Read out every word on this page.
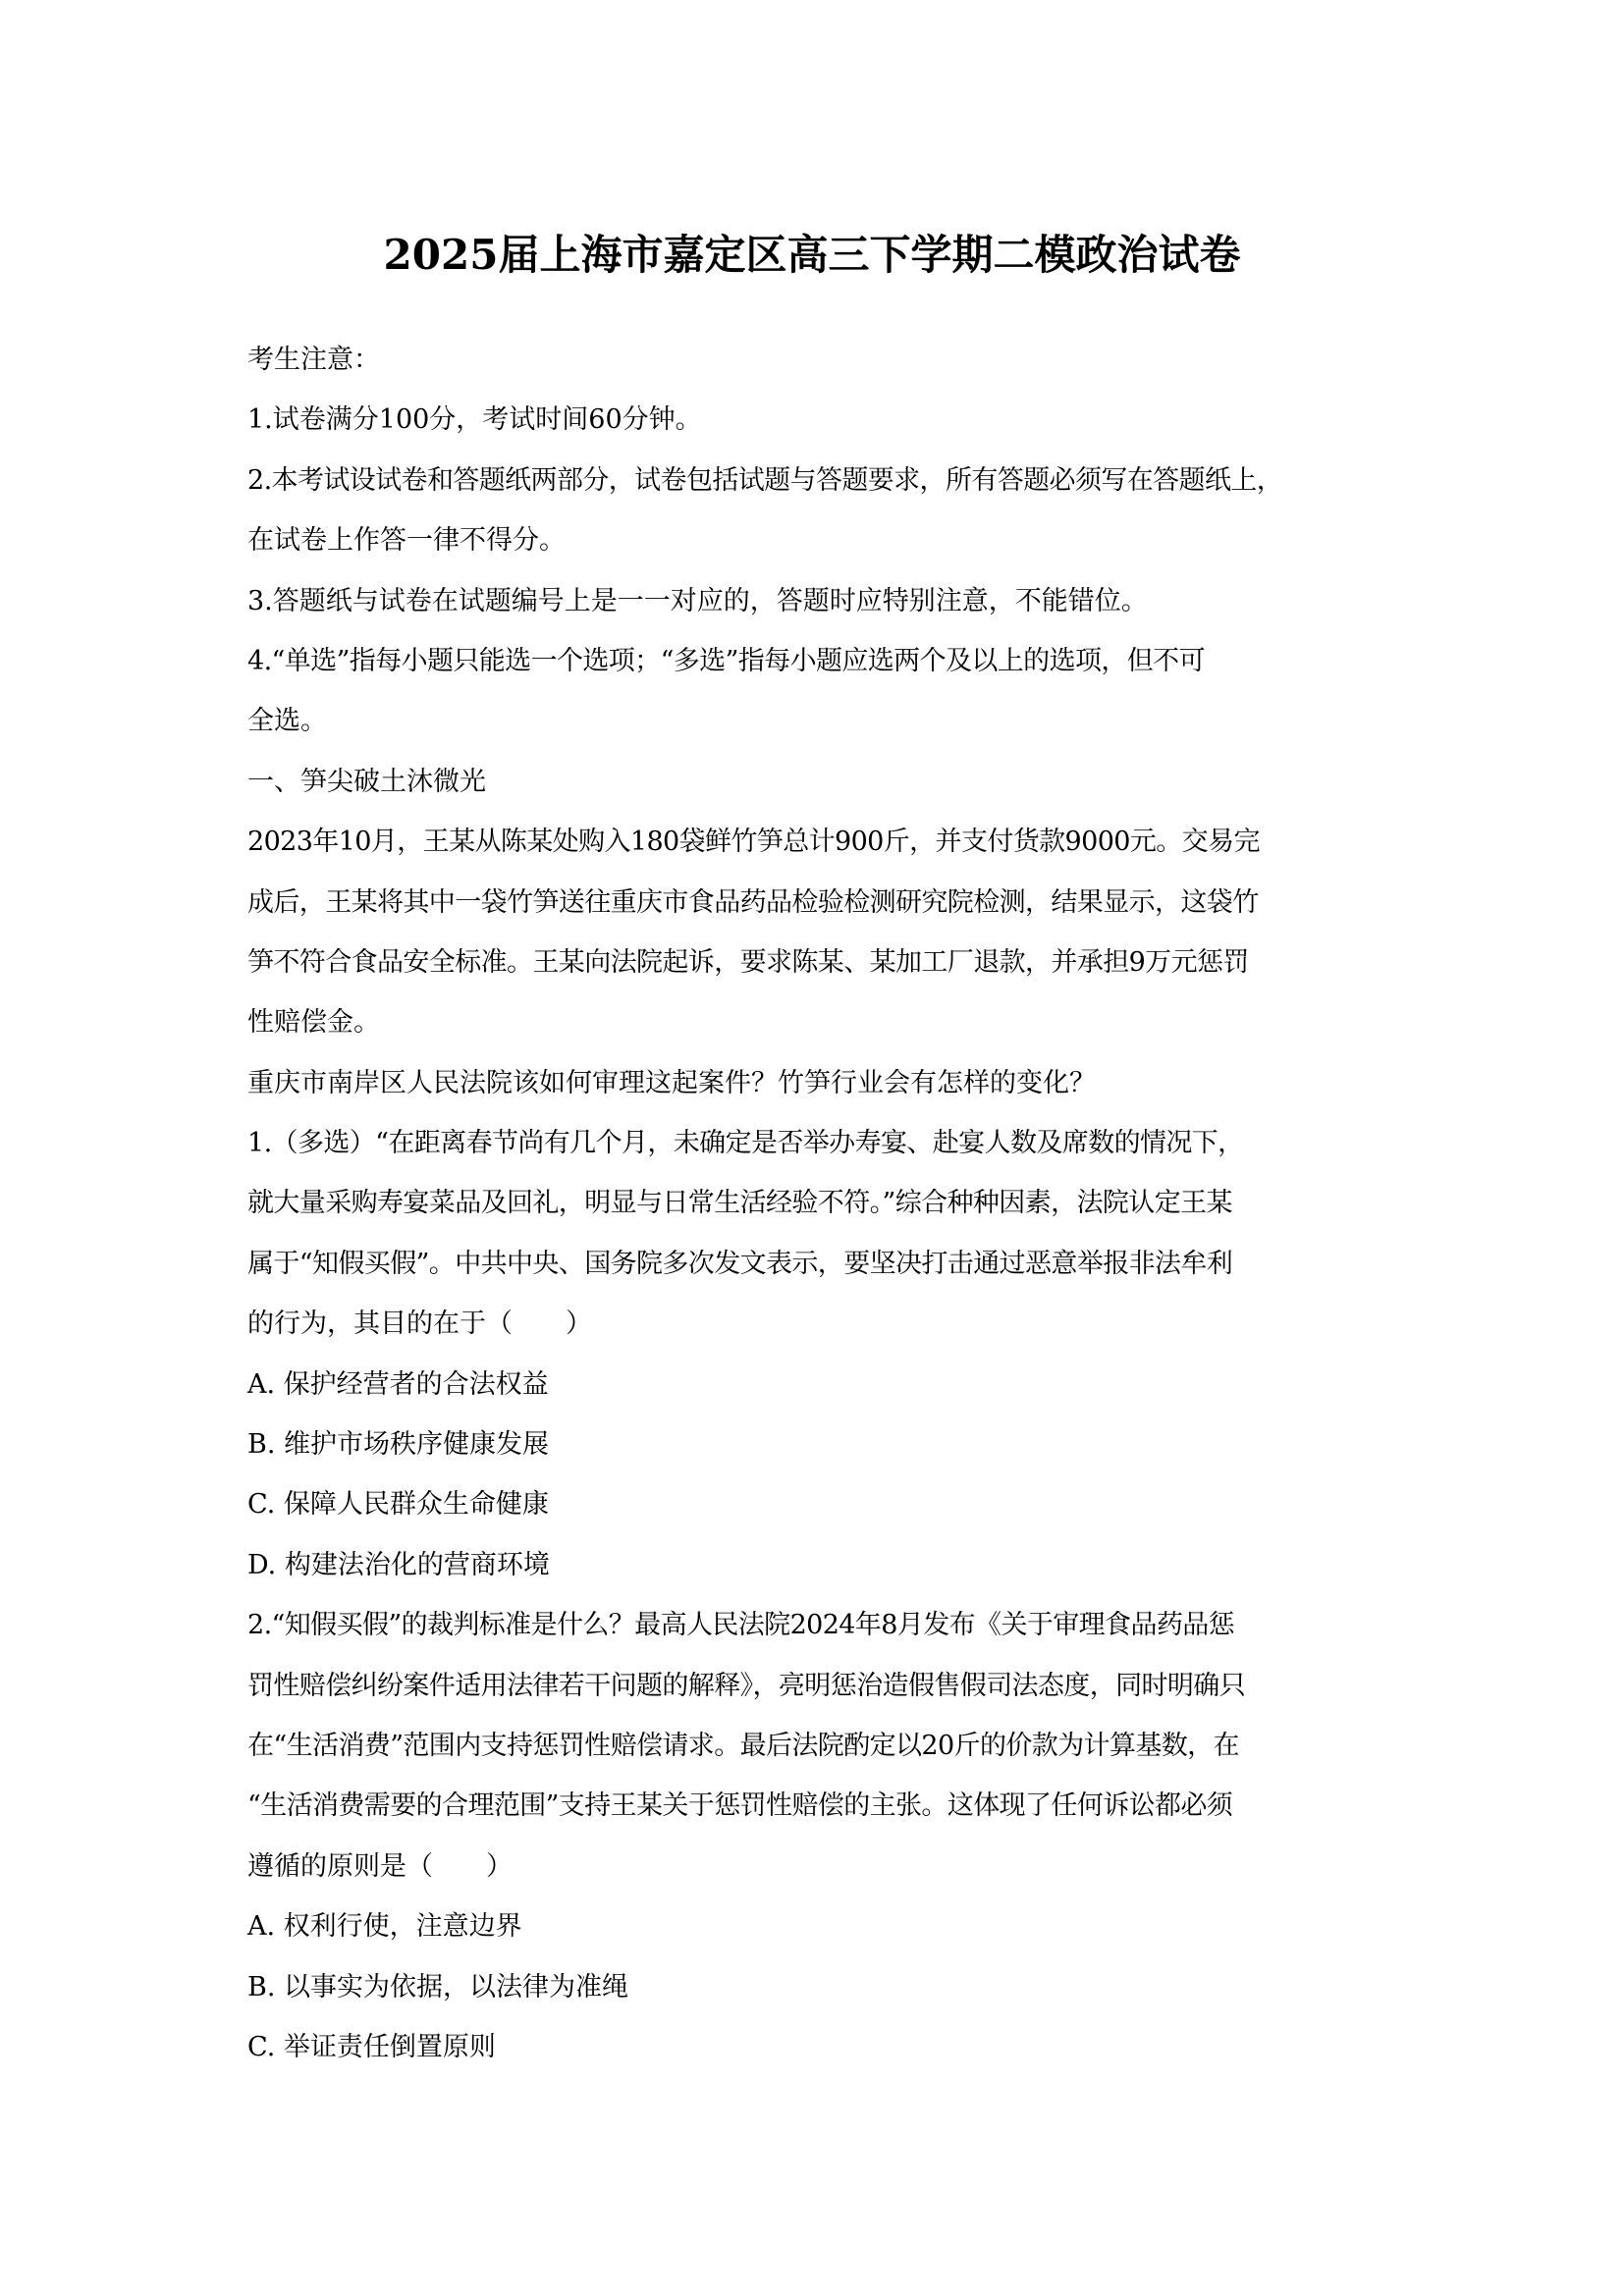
2025届上海市嘉定区高三下学期二模政治试卷

考生注意：

1.试卷满分100分，考试时间60分钟。

2.本考试设试卷和答题纸两部分，试卷包括试题与答题要求，所有答题必须写在答题纸上，

在试卷上作答一律不得分。

3.答题纸与试卷在试题编号上是一一对应的，答题时应特别注意，不能错位。

4.“单选”指每小题只能选一个选项；“多选”指每小题应选两个及以上的选项，但不可

全选。

一、笋尖破土沐微光

2023年10月，王某从陈某处购入180袋鲜竹笋总计900斤，并支付货款9000元。交易完

成后，王某将其中一袋竹笋送往重庆市食品药品检验检测研究院检测，结果显示，这袋竹

笋不符合食品安全标准。王某向法院起诉，要求陈某、某加工厂退款，并承担9万元惩罚

性赔偿金。

重庆市南岸区人民法院该如何审理这起案件？竹笋行业会有怎样的变化？

1.（多选）“在距离春节尚有几个月，未确定是否举办寿宴、赴宴人数及席数的情况下，

就大量采购寿宴菜品及回礼，明显与日常生活经验不符。”综合种种因素，法院认定王某

属于“知假买假”。中共中央、国务院多次发文表示，要坚决打击通过恶意举报非法牟利

的行为，其目的在于（　　）

A. 保护经营者的合法权益

B. 维护市场秩序健康发展

C. 保障人民群众生命健康

D. 构建法治化的营商环境

2.“知假买假”的裁判标准是什么？最高人民法院2024年8月发布《关于审理食品药品惩

罚性赔偿纠纷案件适用法律若干问题的解释》，亮明惩治造假售假司法态度，同时明确只

在“生活消费”范围内支持惩罚性赔偿请求。最后法院酌定以20斤的价款为计算基数，在

“生活消费需要的合理范围”支持王某关于惩罚性赔偿的主张。这体现了任何诉讼都必须

遵循的原则是（　　）

A. 权利行使，注意边界

B. 以事实为依据，以法律为准绳

C. 举证责任倒置原则
